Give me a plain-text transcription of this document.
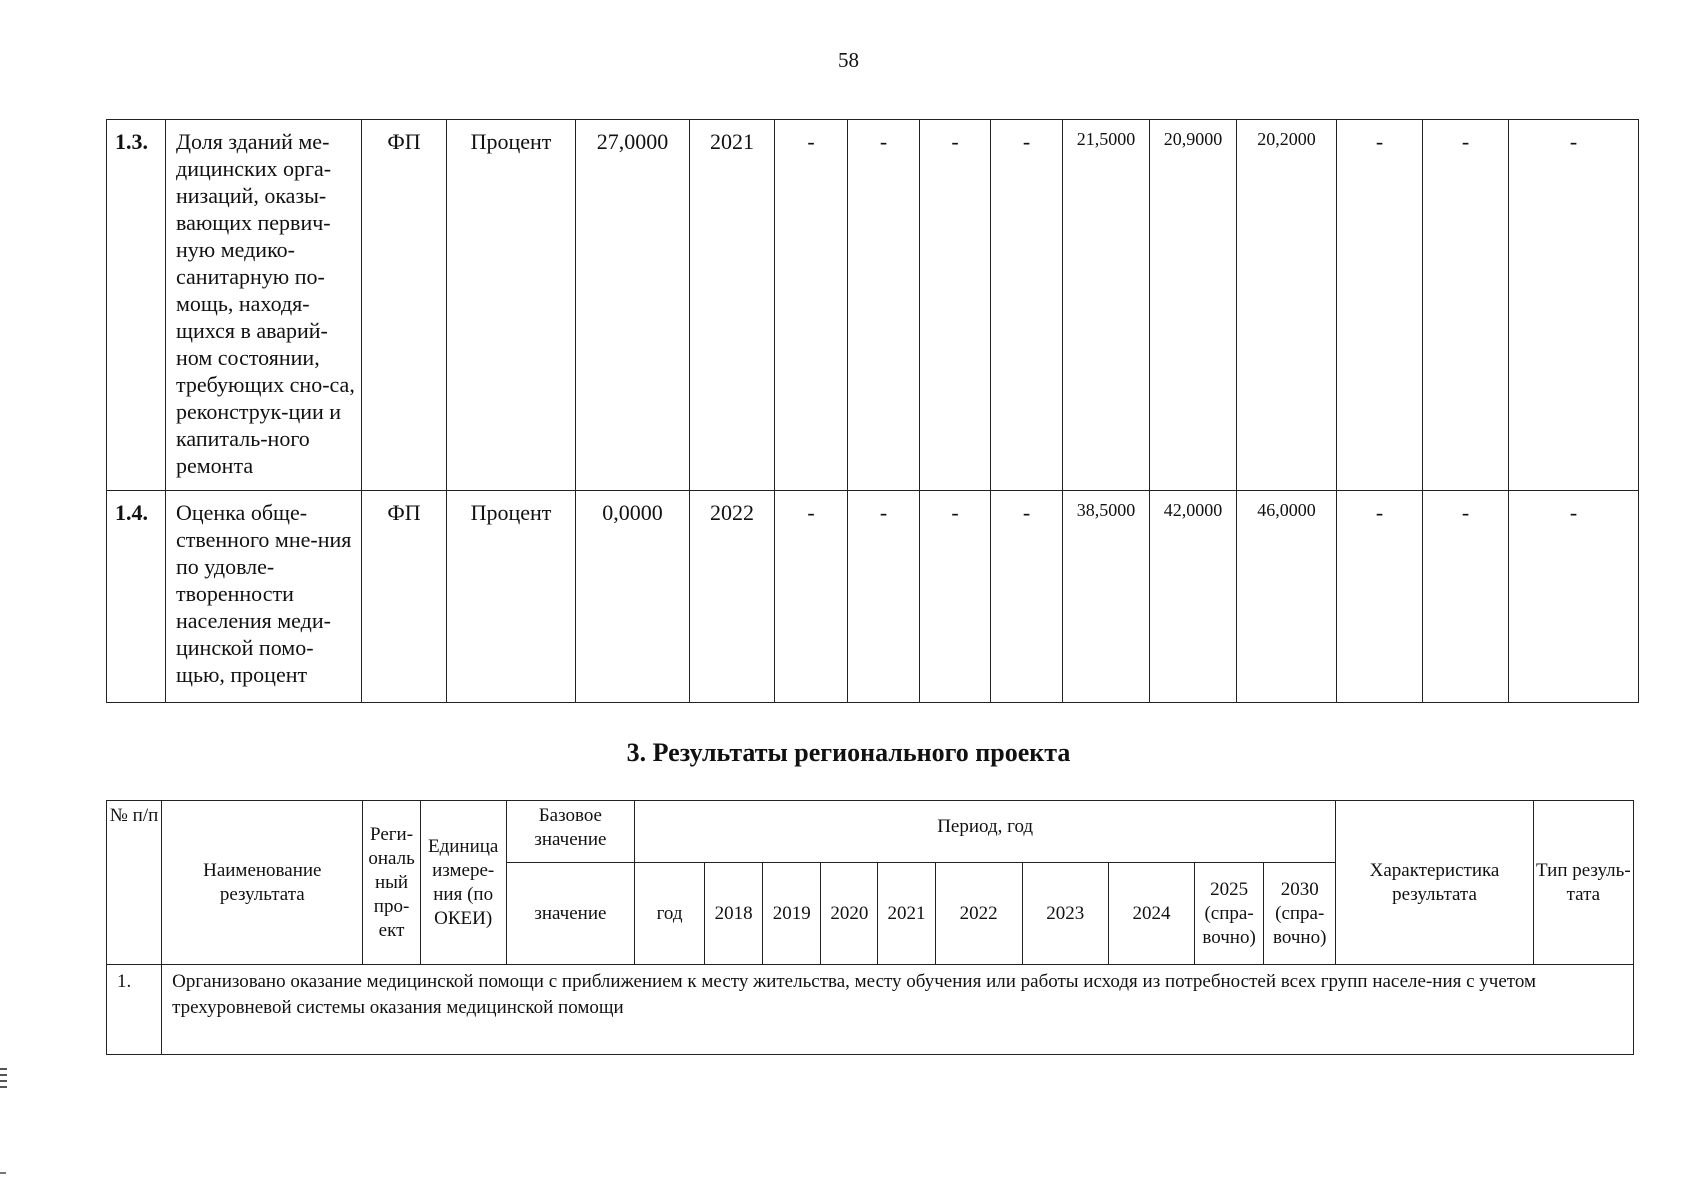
58
1.3.	Доля зданий ме-дицинских орга-низаций, оказы-вающих первич-ную медико-санитарную по-мощь, находя-щихся в аварий-ном состоянии, требующих сно-са, реконструк-ции и капиталь-ного ремонта	ФП	Процент	27,0000	2021	-	-	-	-	21,5000	20,9000	20,2000	-	-	-
1.4.	Оценка обще-ственного мне-ния по удовле-творенности населения меди-цинской помо-щью, процент	ФП	Процент	0,0000	2022	-	-	-	-	38,5000	42,0000	46,0000	-	-	-
3. Результаты регионального проекта
№ п/п	Наименование результата	Реги-ональ ный про-ект	Единица измере-ния (по ОКЕИ)	Базовое значение	Период, год										Характеристика результата	Тип резуль-тата
				значение	год	2018	2019	2020	2021	2022	2023	2024	2025 (спра-вочно)	2030 (спра-вочно)		
1.	Организовано оказание медицинской помощи с приближением к месту жительства, месту обучения или работы исходя из потребностей всех групп населе-ния с учетом трехуровневой системы оказания медицинской помощи															
